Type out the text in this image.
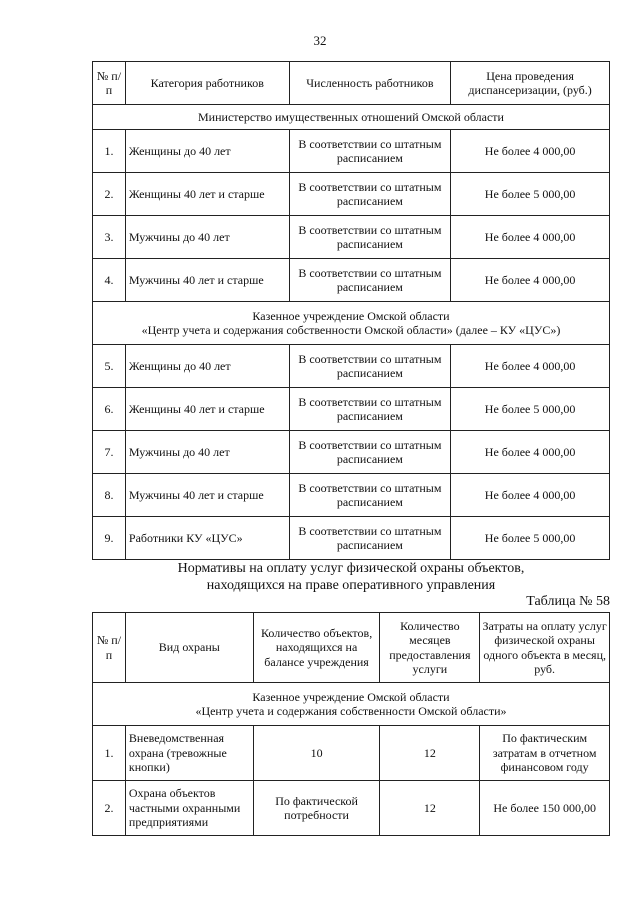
32
№ п/п	Категория работников	Численность работников	Цена проведения диспансеризации, (руб.)
Министерство имущественных отношений Омской области			
1.	Женщины до 40 лет	В соответствии со штатным расписанием	Не более 4 000,00
2.	Женщины 40 лет и старше	В соответствии со штатным расписанием	Не более 5 000,00
3.	Мужчины до 40 лет	В соответствии со штатным расписанием	Не более 4 000,00
4.	Мужчины 40 лет и старше	В соответствии со штатным расписанием	Не более 4 000,00
Казенное учреждение Омской области
«Центр учета и содержания собственности Омской области» (далее – КУ «ЦУС»)			
5.	Женщины до 40 лет	В соответствии со штатным расписанием	Не более 4 000,00
6.	Женщины 40 лет и старше	В соответствии со штатным расписанием	Не более 5 000,00
7.	Мужчины до 40 лет	В соответствии со штатным расписанием	Не более 4 000,00
8.	Мужчины 40 лет и старше	В соответствии со штатным расписанием	Не более 4 000,00
9.	Работники КУ «ЦУС»	В соответствии со штатным расписанием	Не более 5 000,00
Нормативы на оплату услуг физической охраны объектов,
находящихся на праве оперативного управления
Таблица № 58
№ п/п	Вид охраны	Количество объектов, находящихся на балансе учреждения	Количество месяцев предоставления услуги	Затраты на оплату услуг физической охраны одного объекта в месяц, руб.
Казенное учреждение Омской области
«Центр учета и содержания собственности Омской области»				
1.	Вневедомственная охрана (тревожные кнопки)	10	12	По фактическим затратам в отчетном финансовом году
2.	Охрана объектов частными охранными предприятиями	По фактической потребности	12	Не более 150 000,00
